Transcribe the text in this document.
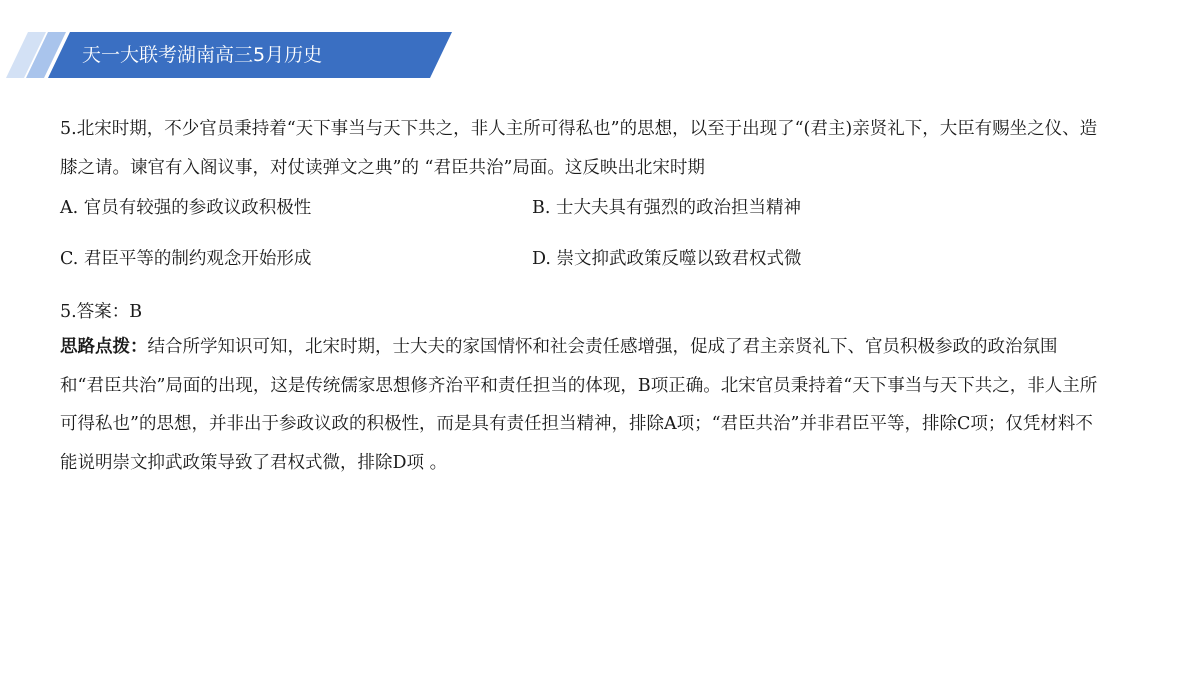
天一大联考湖南高三5月历史

5.北宋时期，不少官员秉持着“天下事当与天下共之，非人主所可得私也”的思想，以至于出现了“(君主)亲贤礼下，大臣有赐坐之仪、造膝之请。谏官有入阁议事，对仗读弹文之典”的 “君臣共治”局面。这反映出北宋时期

A. 官员有较强的参政议政积极性	B. 士大夫具有强烈的政治担当精神
C. 君臣平等的制约观念开始形成	D. 崇文抑武政策反噬以致君权式微
5.答案：B

思路点拨：结合所学知识可知，北宋时期，士大夫的家国情怀和社会责任感增强，促成了君主亲贤礼下、官员积极参政的政治氛围和“君臣共治”局面的出现，这是传统儒家思想修齐治平和责任担当的体现，B项正确。北宋官员秉持着“天下事当与天下共之，非人主所可得私也”的思想，并非出于参政议政的积极性，而是具有责任担当精神，排除A项；“君臣共治”并非君臣平等，排除C项；仅凭材料不能说明崇文抑武政策导致了君权式微，排除D项 。
